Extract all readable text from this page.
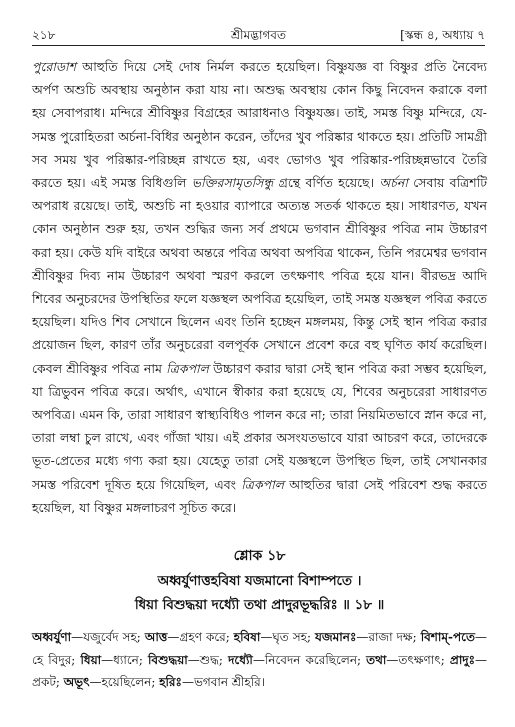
২১৮	শ্রীমদ্ভাগবত	[স্কন্ধ ৪, অধ্যায় ৭

পুরোডাশ আহুতি দিয়ে সেই দোষ নির্মল করতে হয়েছিল। বিষ্ণুযজ্ঞ বা বিষ্ণুর প্রতি নৈবেদ্য অর্পণ অশুচি অবস্থায় অনুষ্ঠান করা যায় না। অশুদ্ধ অবস্থায় কোন কিছু নিবেদন করাকে বলা হয় সেবাপরাধ। মন্দিরে শ্রীবিষ্ণুর বিগ্রহের আরাধনাও বিষ্ণুযজ্ঞ। তাই, সমস্ত বিষ্ণু মন্দিরে, যে-সমস্ত পুরোহিতরা অর্চনা-বিধির অনুষ্ঠান করেন, তাঁদের খুব পরিষ্কার থাকতে হয়। প্রতিটি সামগ্রী সব সময় খুব পরিষ্কার-পরিচ্ছন্ন রাখতে হয়, এবং ভোগও খুব পরিষ্কার-পরিচ্ছন্নভাবে তৈরি করতে হয়। এই সমস্ত বিধিগুলি ভক্তিরসামৃতসিন্ধু গ্রন্থে বর্ণিত হয়েছে। অর্চনা সেবায় বত্রিশটি অপরাধ রয়েছে। তাই, অশুচি না হওয়ার ব্যাপারে অত্যন্ত সতর্ক থাকতে হয়। সাধারণত, যখন কোন অনুষ্ঠান শুরু হয়, তখন শুদ্ধির জন্য সর্ব প্রথমে ভগবান শ্রীবিষ্ণুর পবিত্র নাম উচ্চারণ করা হয়। কেউ যদি বাইরে অথবা অন্তরে পবিত্র অথবা অপবিত্র থাকেন, তিনি পরমেশ্বর ভগবান শ্রীবিষ্ণুর দিব্য নাম উচ্চারণ অথবা স্মরণ করলে তৎক্ষণাৎ পবিত্র হয়ে যান। বীরভদ্র আদি শিবের অনুচরদের উপস্থিতির ফলে যজ্ঞস্থল অপবিত্র হয়েছিল, তাই সমস্ত যজ্ঞস্থল পবিত্র করতে হয়েছিল। যদিও শিব সেখানে ছিলেন এবং তিনি হচ্ছেন মঙ্গলময়, কিন্তু সেই স্থান পবিত্র করার প্রয়োজন ছিল, কারণ তাঁর অনুচরেরা বলপূর্বক সেখানে প্রবেশ করে বহু ঘৃণিত কার্য করেছিল। কেবল শ্রীবিষ্ণুর পবিত্র নাম ত্রিকপাল উচ্চারণ করার দ্বারা সেই স্থান পবিত্র করা সম্ভব হয়েছিল, যা ত্রিভুবন পবিত্র করে। অর্থাৎ, এখানে স্বীকার করা হয়েছে যে, শিবের অনুচরেরা সাধারণত অপবিত্র। এমন কি, তারা সাধারণ স্বাস্থ্যবিধিও পালন করে না; তারা নিয়মিতভাবে স্নান করে না, তারা লম্বা চুল রাখে, এবং গাঁজা খায়। এই প্রকার অসংযতভাবে যারা আচরণ করে, তাদেরকে ভূত-প্রেতের মধ্যে গণ্য করা হয়। যেহেতু তারা সেই যজ্ঞস্থলে উপস্থিত ছিল, তাই সেখানকার সমস্ত পরিবেশ দূষিত হয়ে গিয়েছিল, এবং ত্রিকপাল আহুতির দ্বারা সেই পরিবেশ শুদ্ধ করতে হয়েছিল, যা বিষ্ণুর মঙ্গলাচরণ সূচিত করে।

শ্লোক ১৮
অধ্বর্যুণাত্তহবিষা যজমানো বিশাম্পতে ।
ধিয়া বিশুদ্ধয়া দধ্যৌ তথা প্রাদুরভূদ্ধরিঃ ॥ ১৮ ॥
অধ্বর্যুণা—যজুর্বেদ সহ; আত্ত—গ্রহণ করে; হবিষা—ঘৃত সহ; যজমানঃ—রাজা দক্ষ; বিশাম্-পতে—হে বিদুর; ধিয়া—ধ্যানে; বিশুদ্ধয়া—শুদ্ধ; দধ্যৌ—নিবেদন করেছিলেন; তথা—তৎক্ষণাৎ; প্রাদুঃ—প্রকট; অভূৎ—হয়েছিলেন; হরিঃ—ভগবান শ্রীহরি।
